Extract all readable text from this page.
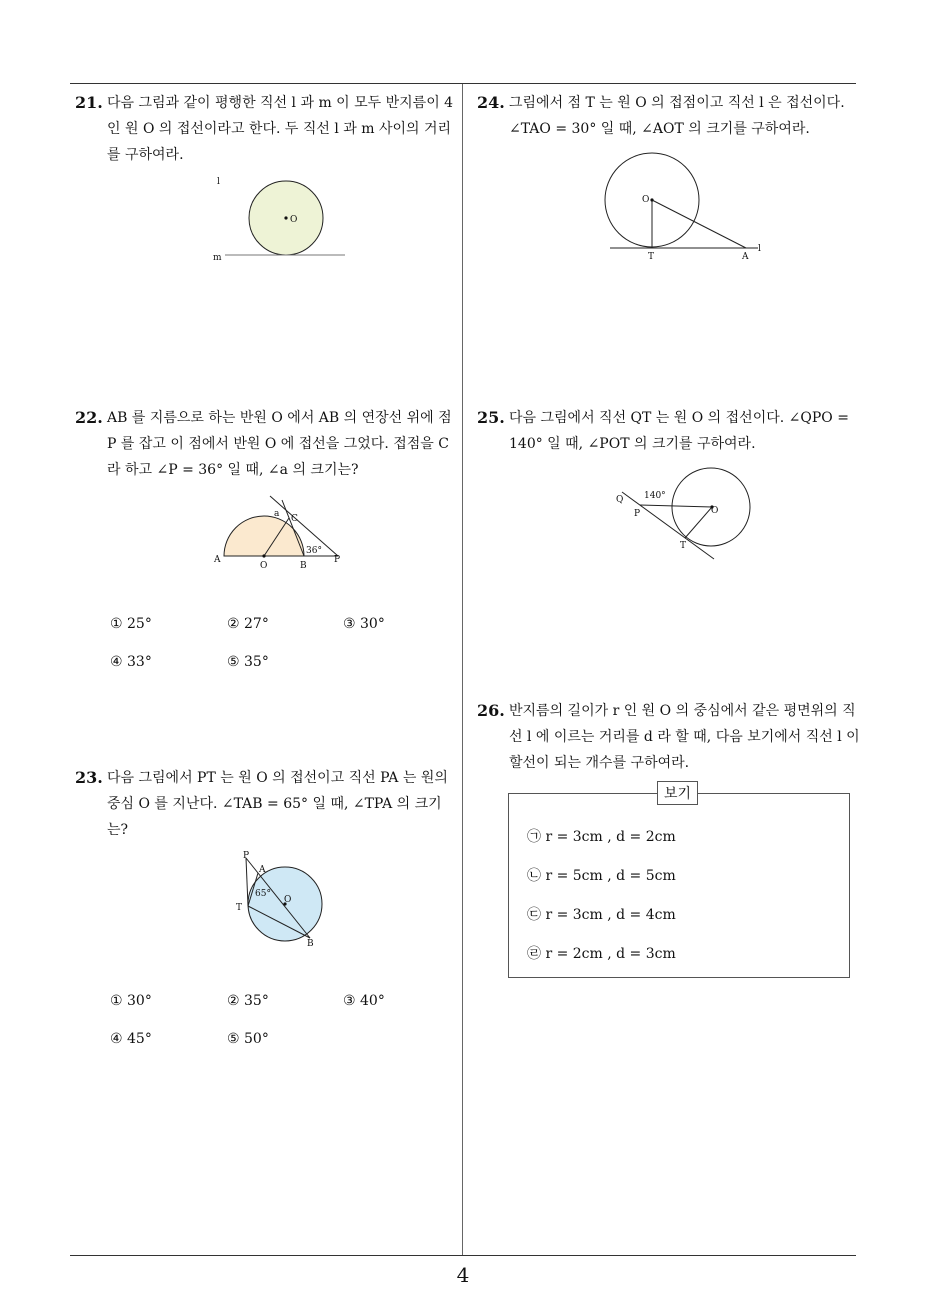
21. 다음 그림과 같이 평행한 직선 l 과 m 이 모두 반지름이 4 인 원 O 의 접선이라고 한다. 두 직선 l 과 m 사이의 거리를 구하여라.
O
l
m
22. AB 를 지름으로 하는 반원 O 에서 AB 의 연장선 위에 점 P 를 잡고 이 점에서 반원 O 에 접선을 그었다. 접점을 C 라 하고 ∠P = 36° 일 때, ∠a 의 크기는?
A
O	B
P
C
a
36°
① 25°	② 27°	③ 30°
④ 33°	⑤ 35°
23. 다음 그림에서 PT 는 원 O 의 접선이고 직선 PA 는 원의 중심 O 를 지난다. ∠TAB = 65° 일 때, ∠TPA 의 크기는?
P
A
T
O
B
65°
① 30°	② 35°	③ 40°
④ 45°	⑤ 50°
24. 그림에서 점 T 는 원 O 의 접점이고 직선 l 은 접선이다. ∠TAO = 30° 일 때, ∠AOT 의 크기를 구하여라.
O
T	A
l
25. 다음 그림에서 직선 QT 는 원 O 의 접선이다. ∠QPO = 140° 일 때, ∠POT 의 크기를 구하여라.
Q
P
T
O
140°
26. 반지름의 길이가 r 인 원 O 의 중심에서 같은 평면위의 직선 l 에 이르는 거리를 d 라 할 때, 다음 보기에서 직선 l 이 할선이 되는 개수를 구하여라.
㉠ r = 3cm , d = 2cm
㉡ r = 5cm , d = 5cm
㉢ r = 3cm , d = 4cm
㉣ r = 2cm , d = 3cm
보기
4
